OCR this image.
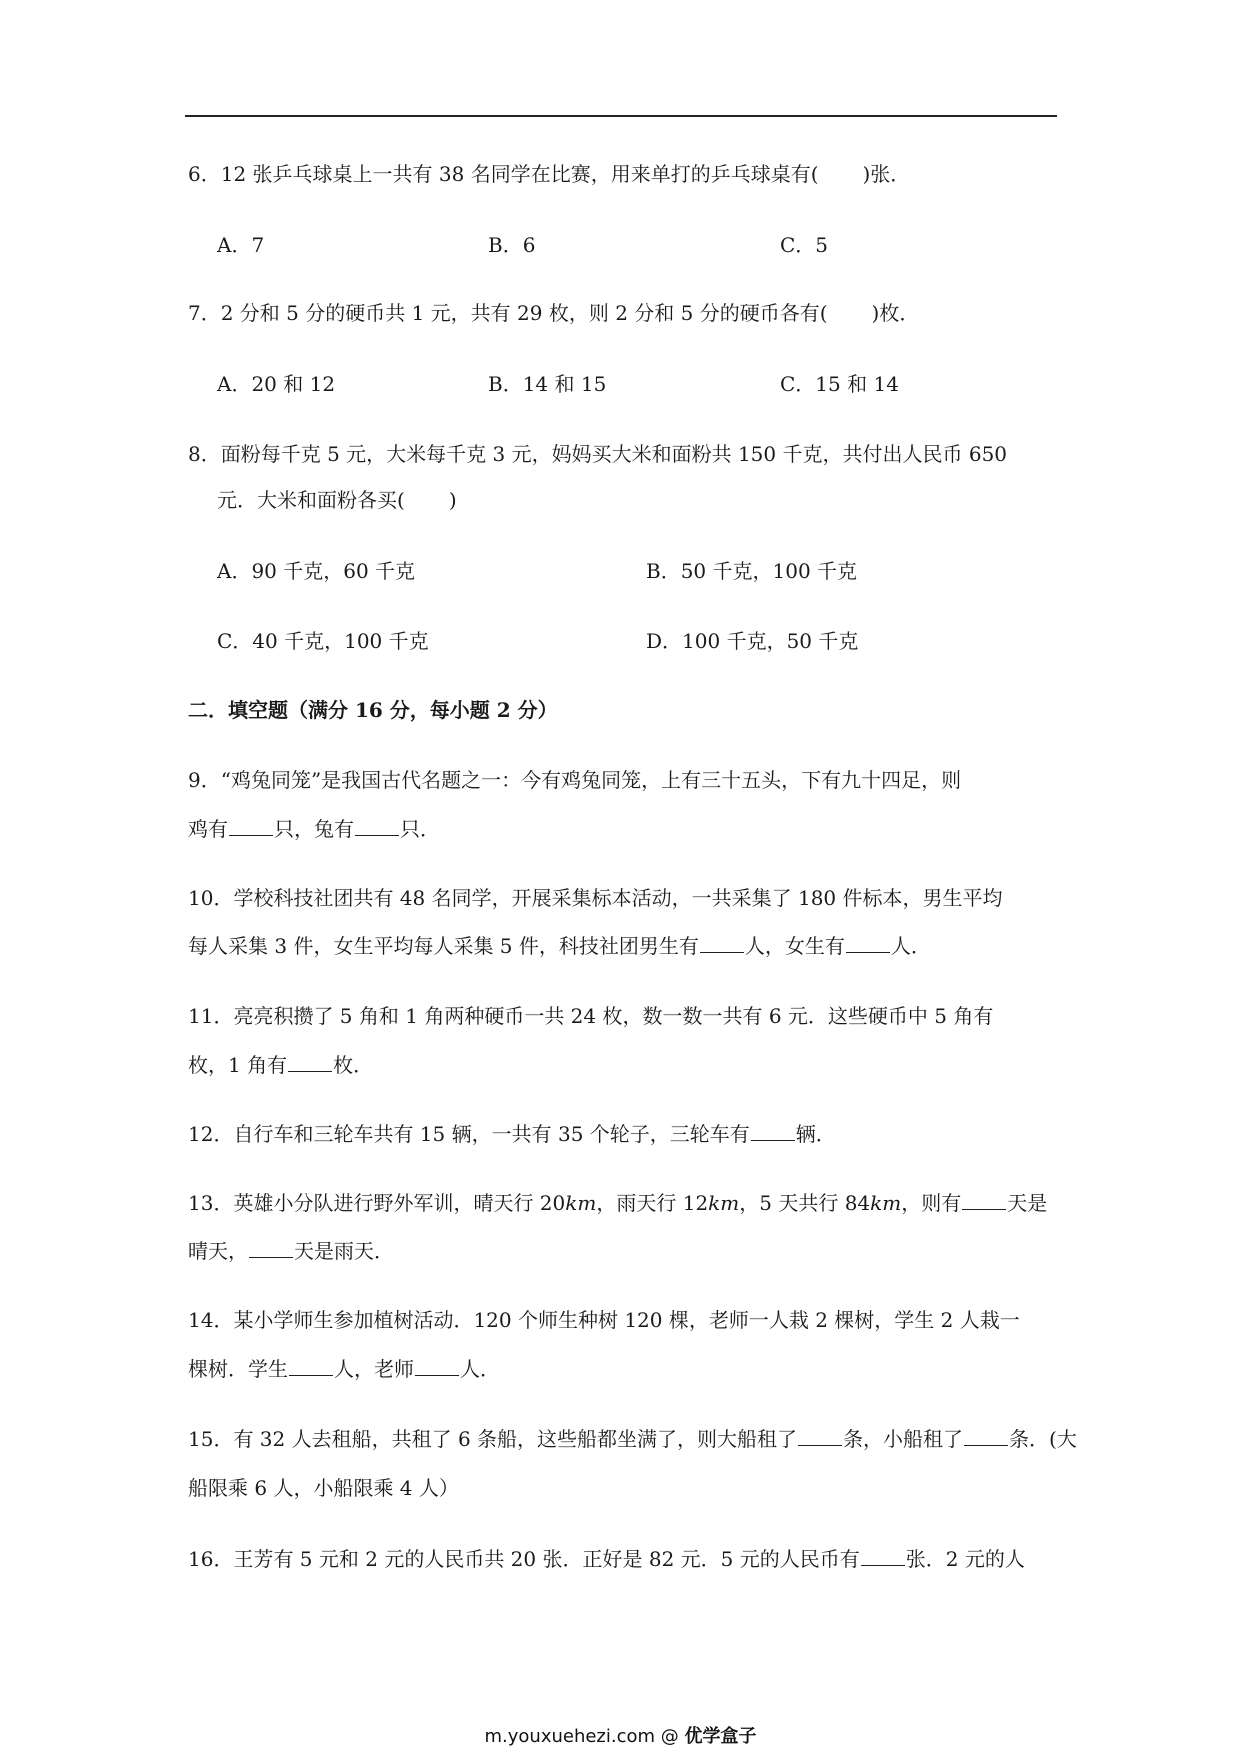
6．12 张乒乓球桌上一共有 38 名同学在比赛，用来单打的乒乓球桌有( )张．
A．7	B．6	C．5
7．2 分和 5 分的硬币共 1 元，共有 29 枚，则 2 分和 5 分的硬币各有( )枚．
A．20 和 12	B．14 和 15	C．15 和 14
8．面粉每千克 5 元，大米每千克 3 元，妈妈买大米和面粉共 150 千克，共付出人民币 650
元．大米和面粉各买( )
A．90 千克，60 千克	B．50 千克，100 千克
C．40 千克，100 千克	D．100 千克，50 千克
二．填空题（满分 16 分，每小题 2 分）
9．“鸡兔同笼”是我国古代名题之一：今有鸡兔同笼，上有三十五头，下有九十四足，则
鸡有 只，兔有 只．
10．学校科技社团共有 48 名同学，开展采集标本活动，一共采集了 180 件标本，男生平均
每人采集 3 件，女生平均每人采集 5 件，科技社团男生有 人，女生有 人．
11．亮亮积攒了 5 角和 1 角两种硬币一共 24 枚，数一数一共有 6 元．这些硬币中 5 角有
枚，1 角有 枚．
12．自行车和三轮车共有 15 辆，一共有 35 个轮子，三轮车有 辆．
13．英雄小分队进行野外军训，晴天行 20km，雨天行 12km，5 天共行 84km，则有 天是
晴天， 天是雨天．
14．某小学师生参加植树活动．120 个师生种树 120 棵，老师一人栽 2 棵树，学生 2 人栽一
棵树．学生 人，老师 人．
15．有 32 人去租船，共租了 6 条船，这些船都坐满了，则大船租了 条，小船租了 条．(大
船限乘 6 人，小船限乘 4 人）
16．王芳有 5 元和 2 元的人民币共 20 张．正好是 82 元．5 元的人民币有 张．2 元的人
m.youxuehezi.com @ 优学盒子
